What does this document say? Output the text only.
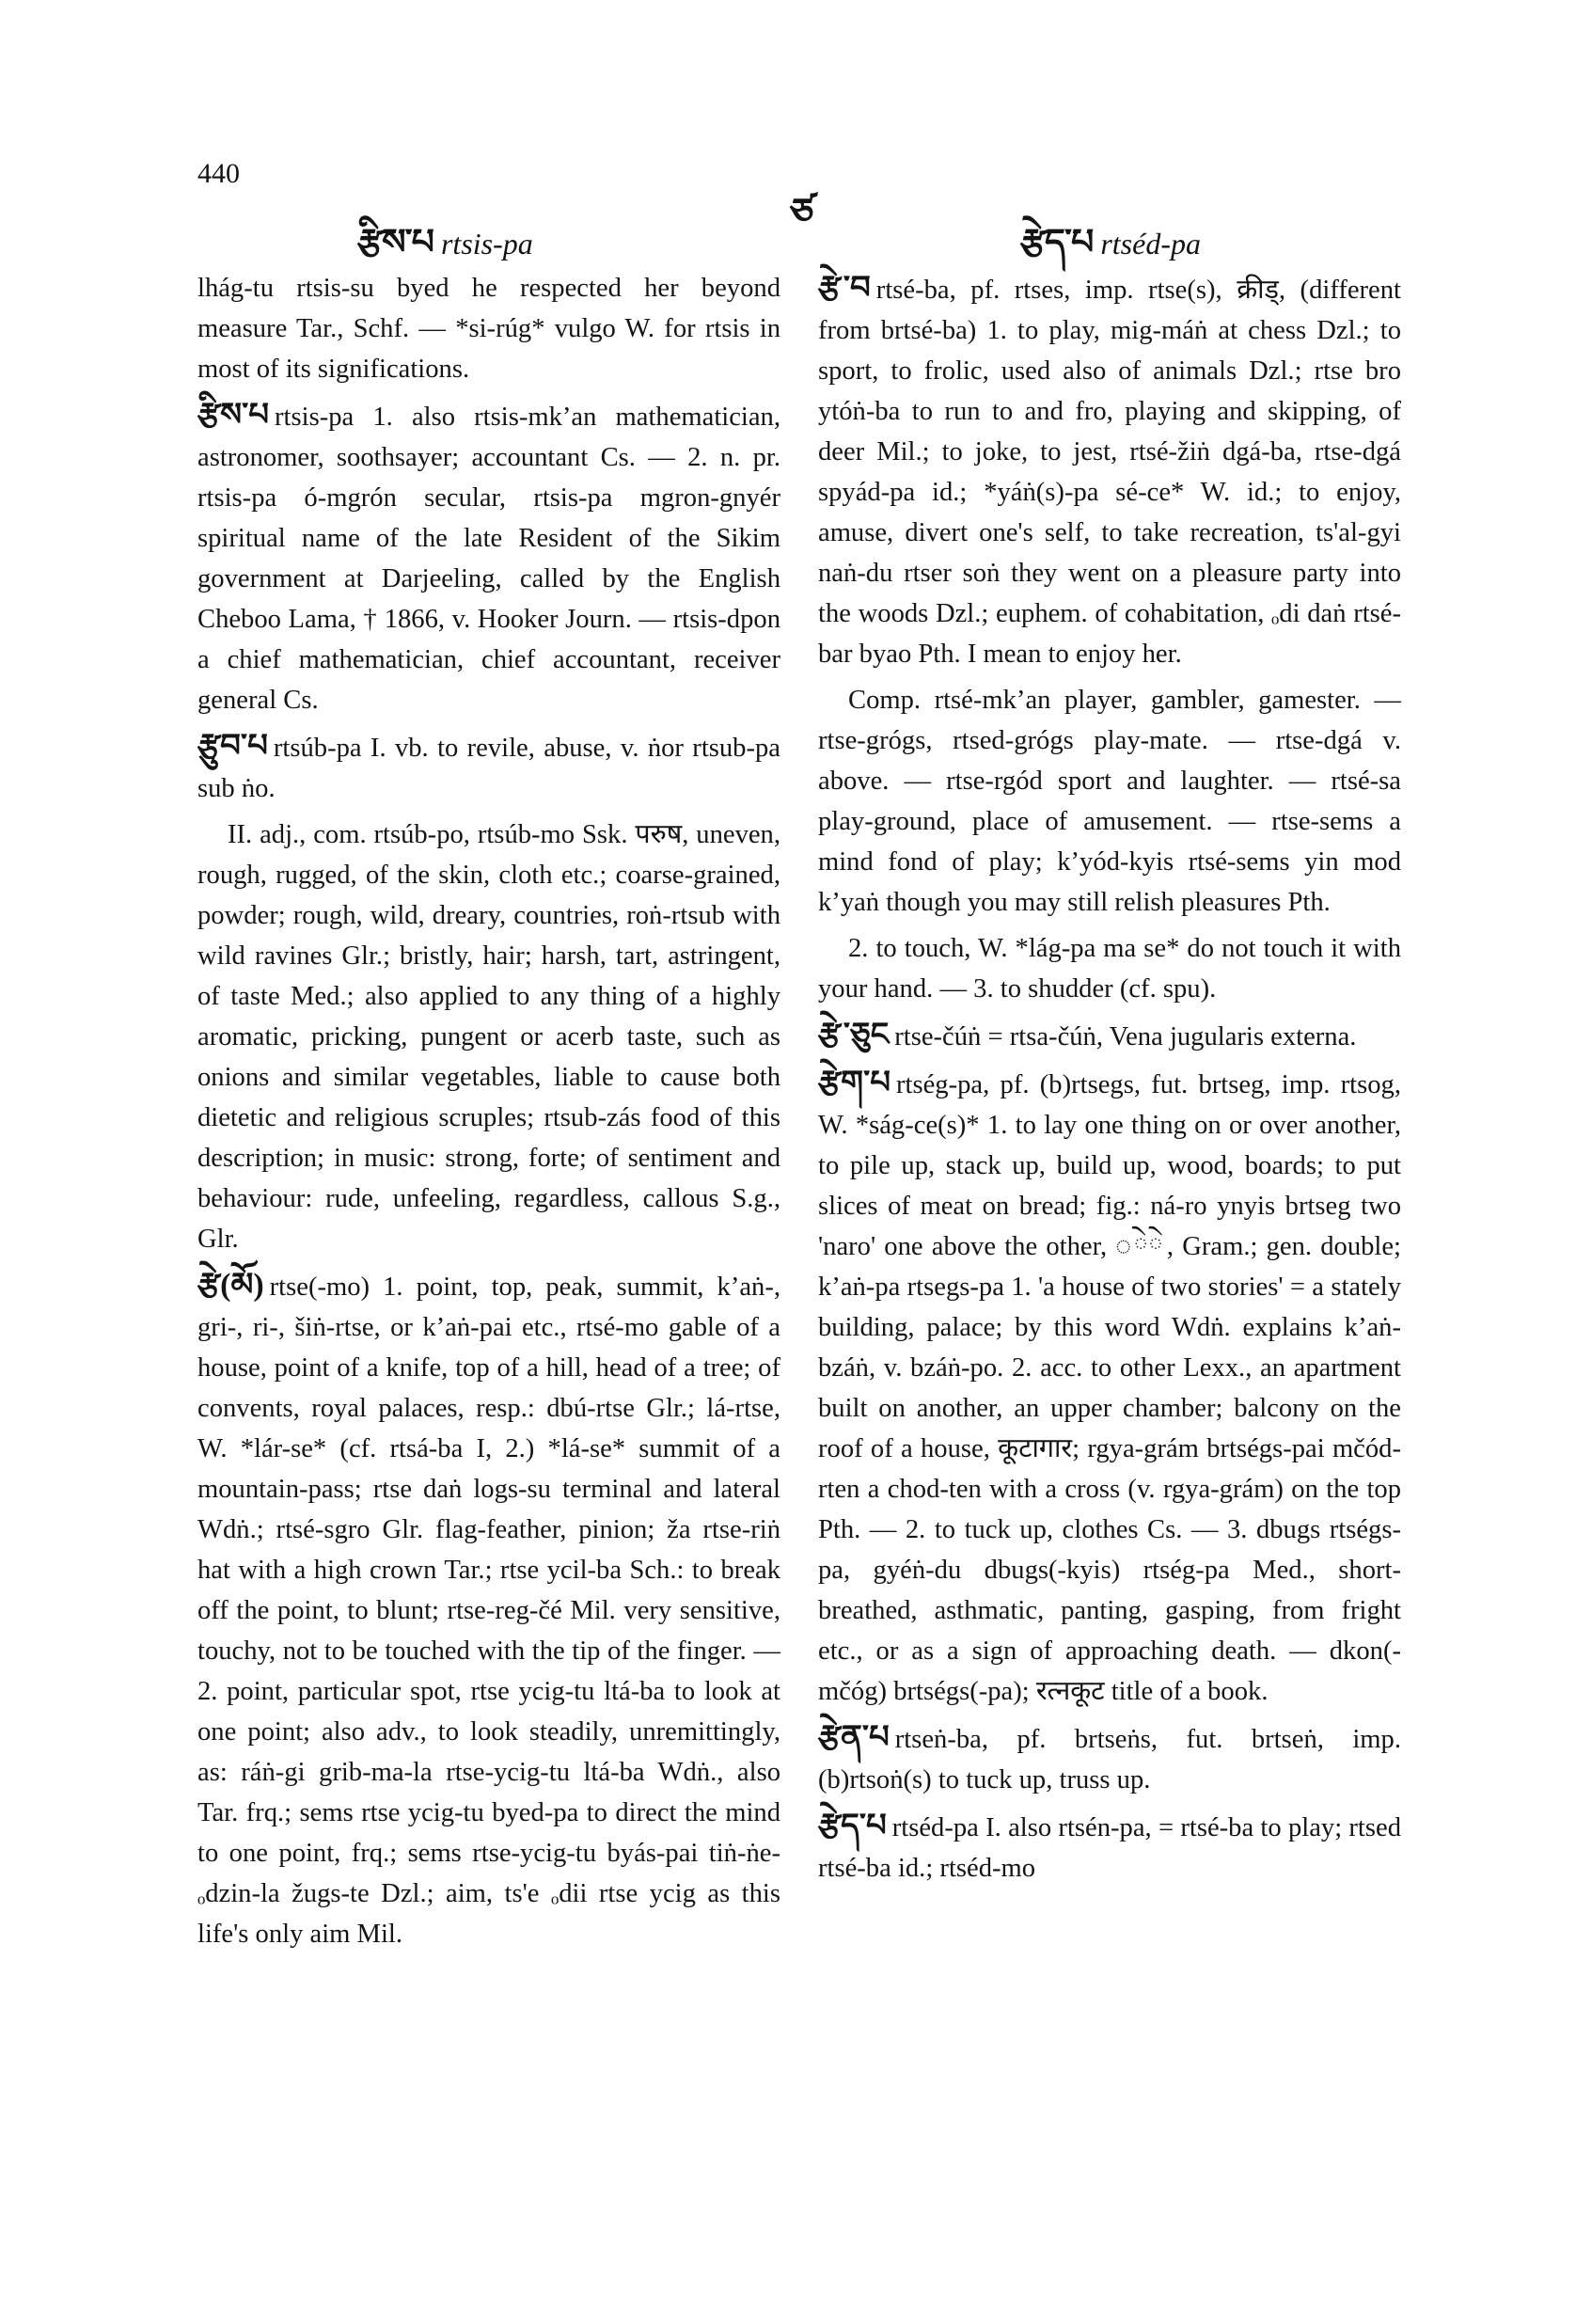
440
ཙ
རྩིས་པ rtsis-pa	རྩེད་པ rtséd-pa

lhág-tu rtsis-su byed he respected her beyond measure Tar., Schf. — *si-rúg* vulgo W. for rtsis in most of its significations.

རྩིས་པ rtsis-pa 1. also rtsis-mkʼan mathematician, astronomer, soothsayer; accountant Cs. — 2. n. pr. rtsis-pa ó-mgrón secular, rtsis-pa mgron-gnyér spiritual name of the late Resident of the Sikim government at Darjeeling, called by the English Cheboo Lama, † 1866, v. Hooker Journ. — rtsis-dpon a chief mathematician, chief accountant, receiver general Cs.

རྩུབ་པ rtsúb-pa I. vb. to revile, abuse, v. ṅor rtsub-pa sub ṅo.

II. adj., com. rtsúb-po, rtsúb-mo Ssk. परुष, uneven, rough, rugged, of the skin, cloth etc.; coarse-grained, powder; rough, wild, dreary, countries, roṅ-rtsub with wild ravines Glr.; bristly, hair; harsh, tart, astringent, of taste Med.; also applied to any thing of a highly aromatic, pricking, pungent or acerb taste, such as onions and similar vegetables, liable to cause both dietetic and religious scruples; rtsub-zás food of this description; in music: strong, forte; of sentiment and behaviour: rude, unfeeling, regardless, callous S.g., Glr.

རྩེ(མོ) rtse(-mo) 1. point, top, peak, summit, kʼaṅ-, gri-, ri-, šiṅ-rtse, or kʼaṅ-pai etc., rtsé-mo gable of a house, point of a knife, top of a hill, head of a tree; of convents, royal palaces, resp.: dbú-rtse Glr.; lá-rtse, W. *lár-se* (cf. rtsá-ba I, 2.) *lá-se* summit of a mountain-pass; rtse daṅ logs-su terminal and lateral Wdṅ.; rtsé-sgro Glr. flag-feather, pinion; ža rtse-riṅ hat with a high crown Tar.; rtse ycil-ba Sch.: to break off the point, to blunt; rtse-reg-čé Mil. very sensitive, touchy, not to be touched with the tip of the finger. — 2. point, particular spot, rtse ycig-tu ltá-ba to look at one point; also adv., to look steadily, unremittingly, as: ráṅ-gi grib-ma-la rtse-ycig-tu ltá-ba Wdṅ., also Tar. frq.; sems rtse ycig-tu byed-pa to direct the mind to one point, frq.; sems rtse-ycig-tu byás-pai tiṅ-ṅe-ₒdzin-la žugs-te Dzl.; aim, ts'e ₒdii rtse ycig as this life's only aim Mil.

རྩེ་བ rtsé-ba, pf. rtses, imp. rtse(s), क्रीड्, (different from brtsé-ba) 1. to play, mig-máṅ at chess Dzl.; to sport, to frolic, used also of animals Dzl.; rtse bro ytóṅ-ba to run to and fro, playing and skipping, of deer Mil.; to joke, to jest, rtsé-žiṅ dgá-ba, rtse-dgá spyád-pa id.; *yáṅ(s)-pa sé-ce* W. id.; to enjoy, amuse, divert one's self, to take recreation, ts'al-gyi naṅ-du rtser soṅ they went on a pleasure party into the woods Dzl.; euphem. of cohabitation, ₒdi daṅ rtsé-bar byao Pth. I mean to enjoy her.

Comp. rtsé-mkʼan player, gambler, gamester. — rtse-grógs, rtsed-grógs play-mate. — rtse-dgá v. above. — rtse-rgód sport and laughter. — rtsé-sa play-ground, place of amusement. — rtse-sems a mind fond of play; kʼyód-kyis rtsé-sems yin mod kʼyaṅ though you may still relish pleasures Pth.

2. to touch, W. *lág-pa ma se* do not touch it with your hand. — 3. to shudder (cf. spu).

རྩེ་ཅུང rtse-čúṅ = rtsa-čúṅ, Vena jugularis externa.

རྩེག་པ rtség-pa, pf. (b)rtsegs, fut. brtseg, imp. rtsog, W. *ság-ce(s)* 1. to lay one thing on or over another, to pile up, stack up, build up, wood, boards; to put slices of meat on bread; fig.: ná-ro ynyis brtseg two 'naro' one above the other, ◌ེ◌ེ, Gram.; gen. double; kʼaṅ-pa rtsegs-pa 1. 'a house of two stories' = a stately building, palace; by this word Wdṅ. explains kʼaṅ-bzáṅ, v. bzáṅ-po. 2. acc. to other Lexx., an apartment built on another, an upper chamber; balcony on the roof of a house, कूटागार; rgya-grám brtségs-pai mčód-rten a chod-ten with a cross (v. rgya-grám) on the top Pth. — 2. to tuck up, clothes Cs. — 3. dbugs rtségs-pa, gyéṅ-du dbugs(-kyis) rtség-pa Med., short-breathed, asthmatic, panting, gasping, from fright etc., or as a sign of approaching death. — dkon(-mčóg) brtségs(-pa); रत्नकूट title of a book.

རྩེན་པ rtseṅ-ba, pf. brtseṅs, fut. brtseṅ, imp. (b)rtsoṅ(s) to tuck up, truss up.

རྩེད་པ rtséd-pa I. also rtsén-pa, = rtsé-ba to play; rtsed rtsé-ba id.; rtséd-mo
